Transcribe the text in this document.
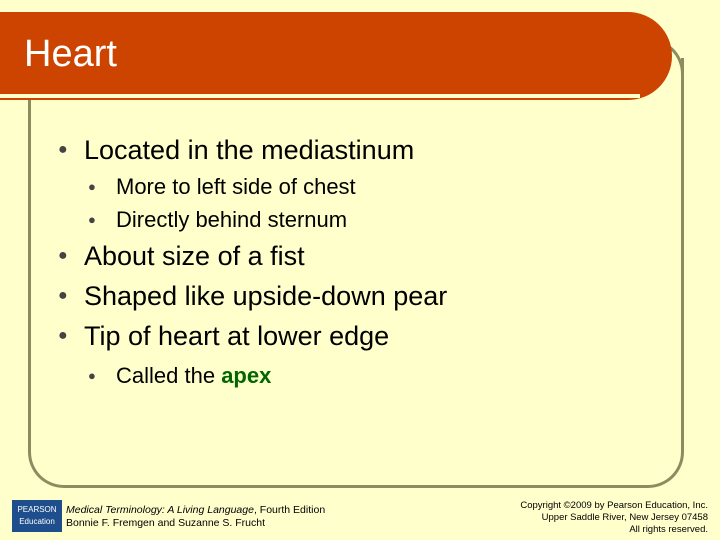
Heart
● Located in the mediastinum
● More to left side of chest
● Directly behind sternum
● About size of a fist
● Shaped like upside-down pear
● Tip of heart at lower edge
● Called the apex
PEARSON
Education
Medical Terminology: A Living Language, Fourth Edition
Bonnie F. Fremgen and Suzanne S. Frucht
Copyright ©2009 by Pearson Education, Inc.
Upper Saddle River, New Jersey 07458
All rights reserved.
